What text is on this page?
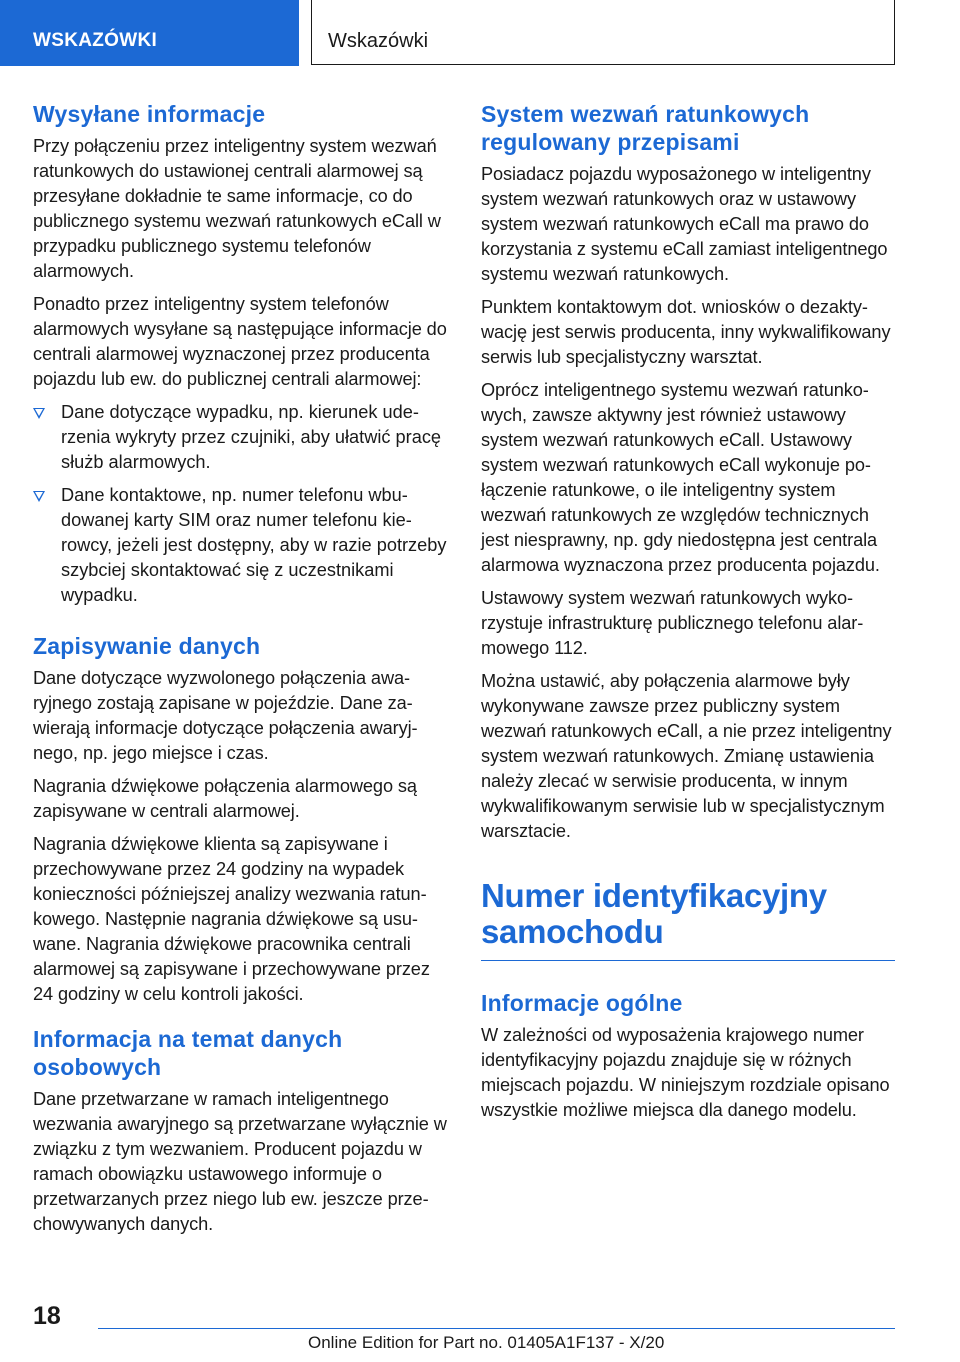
WSKAZÓWKI	Wskazówki
Wysyłane informacje

Przy połączeniu przez inteligentny system wezwań ratunkowych do ustawionej centrali alarmowej są przesyłane dokładnie te same informacje, co do publicznego systemu wezwań ratunkowych eCall w przypadku publicznego systemu telefonów alarmowych.

Ponadto przez inteligentny system telefonów alarmowych wysyłane są następujące informacje do centrali alarmowej wyznaczonej przez producenta pojazdu lub ew. do publicznej centrali alarmowej:

Dane dotyczące wypadku, np. kierunek uderzenia wykryty przez czujniki, aby ułatwić pracę służb alarmowych.
Dane kontaktowe, np. numer telefonu wbudowanej karty SIM oraz numer telefonu kierowcy, jeżeli jest dostępny, aby w razie potrzeby szybciej skontaktować się z uczestnikami wypadku.
Zapisywanie danych

Dane dotyczące wyzwolonego połączenia awaryjnego zostają zapisane w pojeździe. Dane zawierają informacje dotyczące połączenia awaryjnego, np. jego miejsce i czas.

Nagrania dźwiękowe połączenia alarmowego są zapisywane w centrali alarmowej.

Nagrania dźwiękowe klienta są zapisywane i przechowywane przez 24 godziny na wypadek konieczności późniejszej analizy wezwania ratunkowego. Następnie nagrania dźwiękowe są usuwane. Nagrania dźwiękowe pracownika centrali alarmowej są zapisywane i przechowywane przez 24 godziny w celu kontroli jakości.

Informacja na temat danych osobowych

Dane przetwarzane w ramach inteligentnego wezwania awaryjnego są przetwarzane wyłącznie w związku z tym wezwaniem. Producent pojazdu w ramach obowiązku ustawowego informuje o przetwarzanych przez niego lub ew. jeszcze przechowywanych danych.

System wezwań ratunkowych regulowany przepisami

Posiadacz pojazdu wyposażonego w inteligentny system wezwań ratunkowych oraz w ustawowy system wezwań ratunkowych eCall ma prawo do korzystania z systemu eCall zamiast inteligentnego systemu wezwań ratunkowych.

Punktem kontaktowym dot. wniosków o dezaktywację jest serwis producenta, inny wykwalifikowany serwis lub specjalistyczny warsztat.

Oprócz inteligentnego systemu wezwań ratunkowych, zawsze aktywny jest również ustawowy system wezwań ratunkowych eCall. Ustawowy system wezwań ratunkowych eCall wykonuje połączenie ratunkowe, o ile inteligentny system wezwań ratunkowych ze względów technicznych jest niesprawny, np. gdy niedostępna jest centrala alarmowa wyznaczona przez producenta pojazdu.

Ustawowy system wezwań ratunkowych wykorzystuje infrastrukturę publicznego telefonu alarmowego 112.

Można ustawić, aby połączenia alarmowe były wykonywane zawsze przez publiczny system wezwań ratunkowych eCall, a nie przez inteligentny system wezwań ratunkowych. Zmianę ustawienia należy zlecać w serwisie producenta, w innym wykwalifikowanym serwisie lub w specjalistycznym warsztacie.

Numer identyfikacyjny samochodu
Informacje ogólne

W zależności od wyposażenia krajowego numer identyfikacyjny pojazdu znajduje się w różnych miejscach pojazdu. W niniejszym rozdziale opisano wszystkie możliwe miejsca dla danego modelu.

18
Online Edition for Part no. 01405A1F137 - X/20
